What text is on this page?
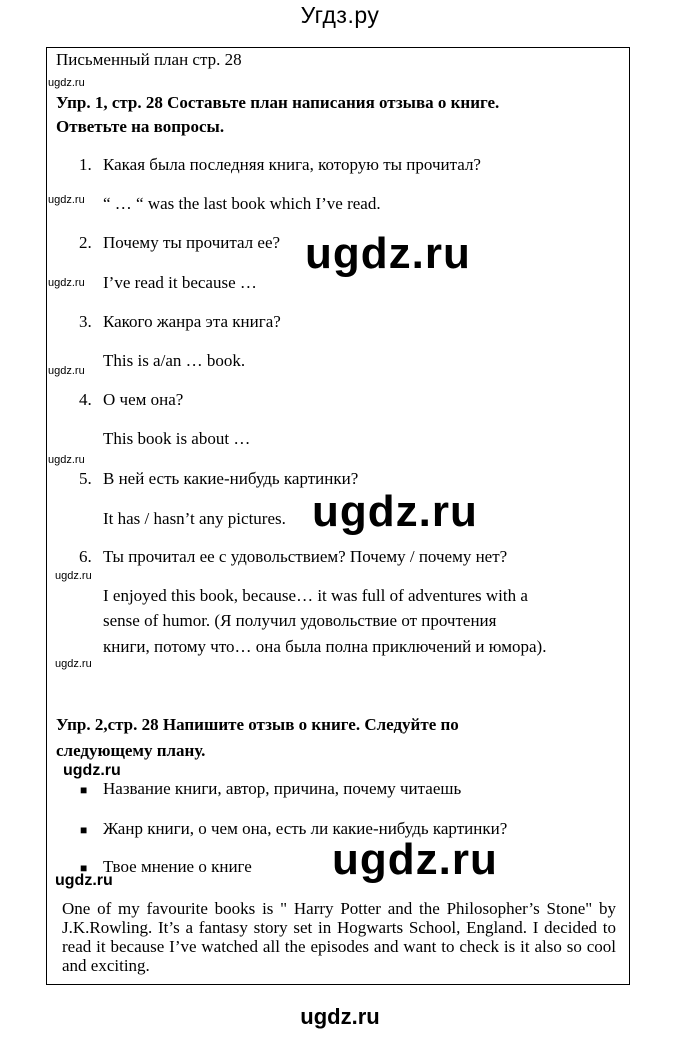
Угдз.ру
Письменный план стр. 28
ugdz.ru
ugdz.ru
ugdz.ru
ugdz.ru
ugdz.ru
ugdz.ru
ugdz.ru
ugdz.ru
ugdz.ru
Упр. 1, стр. 28 Составьте план написания отзыва о книге.
Ответьте на вопросы.
1. Какая была последняя книга, которую ты прочитал?
“ … “ was the last book which I’ve read.
2. Почему ты прочитал ее?
I’ve read it because …
3. Какого жанра эта книга?
This is a/an … book.
4. О чем она?
This book is about …
5. В ней есть какие-нибудь картинки?
It has / hasn’t any pictures.
6. Ты прочитал ее с удовольствием? Почему / почему нет?
I enjoyed this book, because… it was full of adventures with a
sense of humor. (Я получил удовольствие от прочтения
книги, потому что… она была полна приключений и юмора).
Упр. 2,стр. 28 Напишите отзыв о книге. Следуйте по
следующему плану.
■ Название книги, автор, причина, почему читаешь
■ Жанр книги, о чем она, есть ли какие-нибудь картинки?
■ Твое мнение о книге
One of my favourite books is " Harry Potter and the Philosopher’s Stone" by J.K.Rowling. It’s a fantasy story set in Hogwarts School, England. I decided to read it because I’ve watched all the episodes and want to check is it also so cool and exciting.
ugdz.ru
ugdz.ru
ugdz.ru
ugdz.ru
